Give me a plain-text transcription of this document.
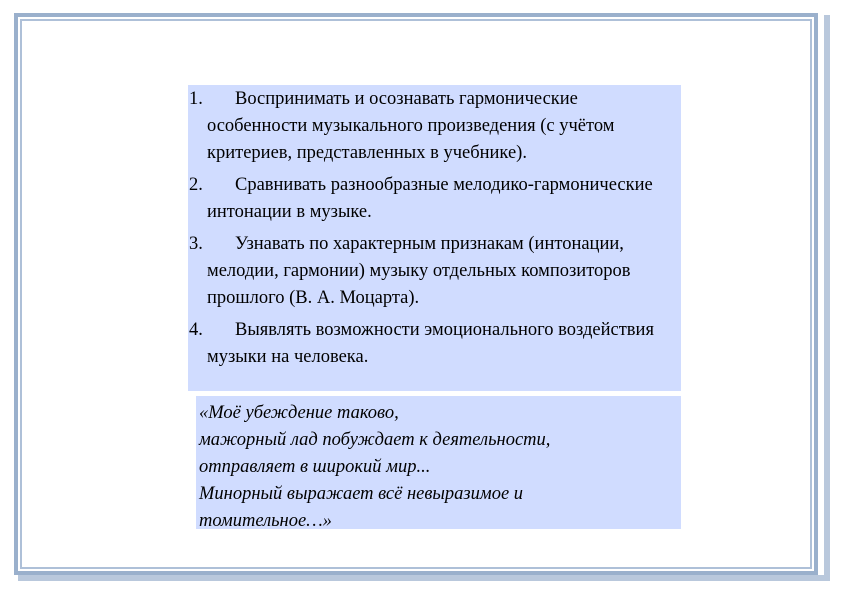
1. Воспринимать и осознавать гармонические особенности музыкального произведения (с учётом критериев, представленных в учебнике).
2. Сравнивать разнообразные мелодико-гармонические интонации в музыке.
3. Узнавать по характерным признакам (интонации, мелодии, гармонии) музыку отдельных композиторов прошлого (В. А. Моцарта).
4. Выявлять возможности эмоционального воздействия музыки на человека.

«Моё убеждение таково,
мажорный лад побуждает к деятельности,
отправляет в широкий мир...
Минорный выражает всё невыразимое и
томительное…»
